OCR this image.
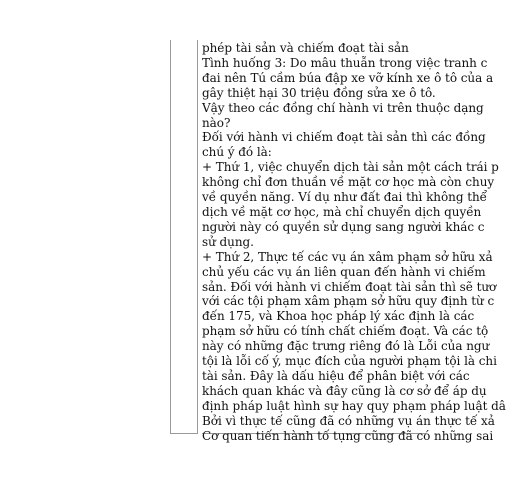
phép tài sản và chiếm đoạt tài sản
Tình huống 3: Do mâu thuẫn trong việc tranh c
đai nên Tú cầm búa đập xe vỡ kính xe ô tô của a
gây thiệt hại 30 triệu đồng sửa xe ô tô.
Vậy theo các đồng chí hành vi trên thuộc dạng
nào?
Đối với hành vi chiếm đoạt tài sản thì các đồng
chú ý đó là:
+ Thứ 1, việc chuyển dịch tài sản một cách trái p
không chỉ đơn thuần về mặt cơ học mà còn chuy
về quyền năng. Ví dụ như đất đai thì không thể
dịch về mặt cơ học, mà chỉ chuyển dịch quyền
người này có quyền sử dụng sang người khác c
sử dụng.
+ Thứ 2, Thực tế các vụ án xâm phạm sở hữu xả
chủ yếu các vụ án liên quan đến hành vi chiếm
sản. Đối với hành vi chiếm đoạt tài sản thì sẽ tươ
với các tội phạm xâm phạm sở hữu quy định từ c
đến 175, và Khoa học pháp lý xác định là các
phạm sở hữu có tính chất chiếm đoạt. Và các tộ
này có những đặc trưng riêng đó là Lỗi của ngư
tội là lỗi cố ý, mục đích của người phạm tội là chi
tài sản. Đây là dấu hiệu để phân biệt với các
khách quan khác và đây cũng là cơ sở để áp dụ
định pháp luật hình sự hay quy phạm pháp luật dâ
Bởi vì thực tế cũng đã có những vụ án thực tế xả
Cơ quan tiến hành tố tụng cũng đã có những sai
